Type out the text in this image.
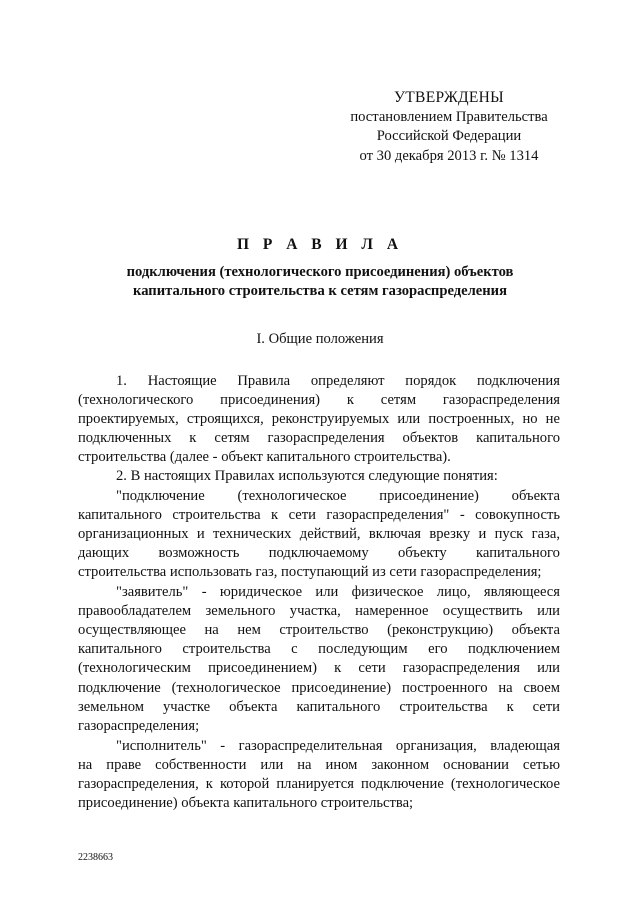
УТВЕРЖДЕНЫ
постановлением Правительства
Российской Федерации
от 30 декабря 2013 г. № 1314
П Р А В И Л А
подключения (технологического присоединения) объектов
капитального строительства к сетям газораспределения
I. Общие положения
1. Настоящие Правила определяют порядок подключения
(технологического присоединения) к сетям газораспределения
проектируемых, строящихся, реконструируемых или построенных, но не
подключенных к сетям газораспределения объектов капитального
строительства (далее - объект капитального строительства).
2. В настоящих Правилах используются следующие понятия:
"подключение (технологическое присоединение) объекта
капитального строительства к сети газораспределения" - совокупность
организационных и технических действий, включая врезку и пуск газа,
дающих возможность подключаемому объекту капитального
строительства использовать газ, поступающий из сети газораспределения;
"заявитель" - юридическое или физическое лицо, являющееся
правообладателем земельного участка, намеренное осуществить или
осуществляющее на нем строительство (реконструкцию) объекта
капитального строительства с последующим его подключением
(технологическим присоединением) к сети газораспределения или
подключение (технологическое присоединение) построенного на своем
земельном участке объекта капитального строительства к сети
газораспределения;
"исполнитель" - газораспределительная организация, владеющая
на праве собственности или на ином законном основании сетью
газораспределения, к которой планируется подключение (технологическое
присоединение) объекта капитального строительства;
2238663
